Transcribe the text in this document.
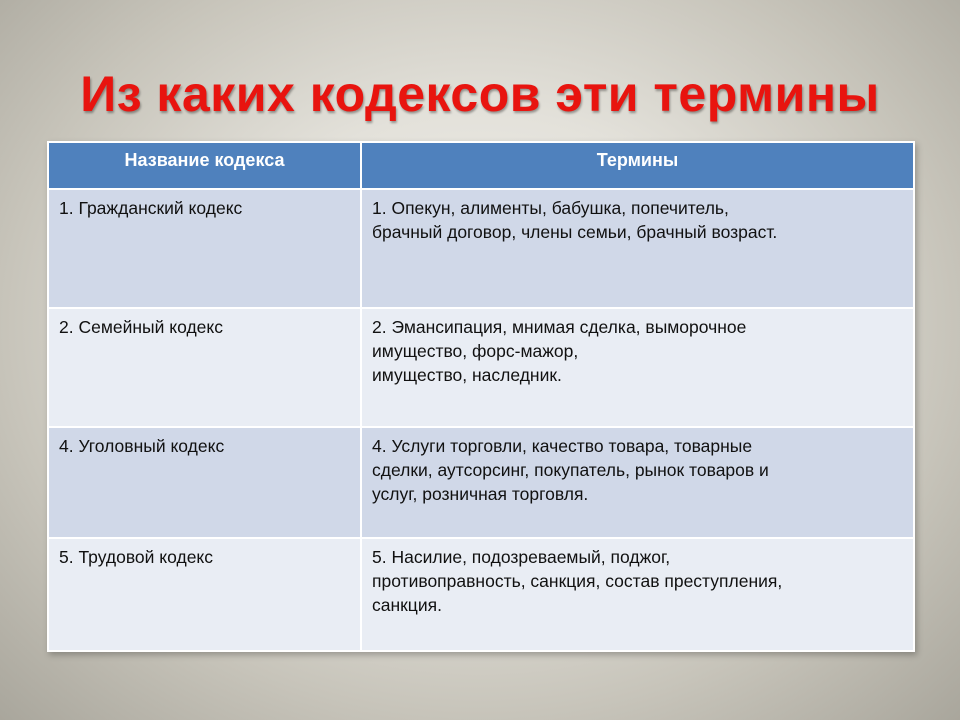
Из каких кодексов эти термины
Название кодекса	Термины
1. Гражданский кодекс	1. Опекун, алименты, бабушка, попечитель,
брачный договор, члены семьи, брачный возраст.

2. Семейный кодекс	2. Эмансипация, мнимая сделка, выморочное
имущество, форс-мажор,
имущество, наследник.

4. Уголовный кодекс	4. Услуги торговли, качество товара, товарные
сделки, аутсорсинг, покупатель, рынок товаров и
услуг, розничная торговля.

5. Трудовой кодекс	5. Насилие, подозреваемый, поджог,
противоправность, санкция, состав преступления,
санкция.
